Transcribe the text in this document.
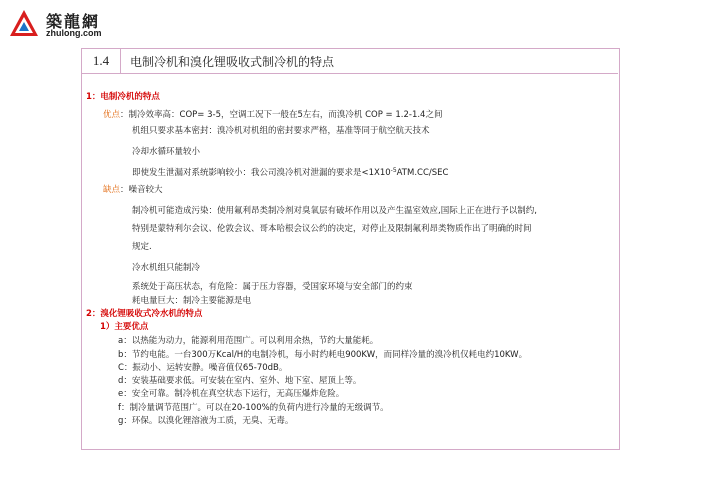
築龍網
zhulong.com
1.4	电制冷机和溴化锂吸收式制冷机的特点
1：电制冷机的特点
优点：制冷效率高：COP= 3-5，空调工况下一般在5左右，而溴冷机 COP = 1.2-1.4之间
机组只要求基本密封：溴冷机对机组的密封要求严格，基准等同于航空航天技术
冷却水循环量较小
即使发生泄漏对系统影响较小：我公司溴冷机对泄漏的要求是$<1X10^{-5}ATM.CC$/SEC
缺点：噪音较大
制冷机可能造成污染：使用氟利昂类制冷剂对臭氧层有破坏作用以及产生温室效应,国际上正在进行予以制约,
特别是蒙特利尔会议、伦敦会议、哥本哈根会议公约的决定，对停止及限制氟利昂类物质作出了明确的时间
规定.
冷水机组只能制冷
系统处于高压状态，有危险：属于压力容器，受国家环境与安全部门的约束
耗电量巨大：制冷主要能源是电
2：溴化锂吸收式冷水机的特点
1）主要优点
a：以热能为动力，能源利用范围广。可以利用余热，节约大量能耗。
b：节约电能。一台300万Kcal/H的电制冷机，每小时约耗电900KW，而同样冷量的溴冷机仅耗电约10KW。
C：振动小、运转安静。噪音值仅65-70dB。
d：安装基础要求低。可安装在室内、室外、地下室、屋顶上等。
e：安全可靠。制冷机在真空状态下运行，无高压爆炸危险。
f：制冷量调节范围广。可以在20-100%的负荷内进行冷量的无级调节。
g：环保。以溴化锂溶液为工质，无臭、无毒。
